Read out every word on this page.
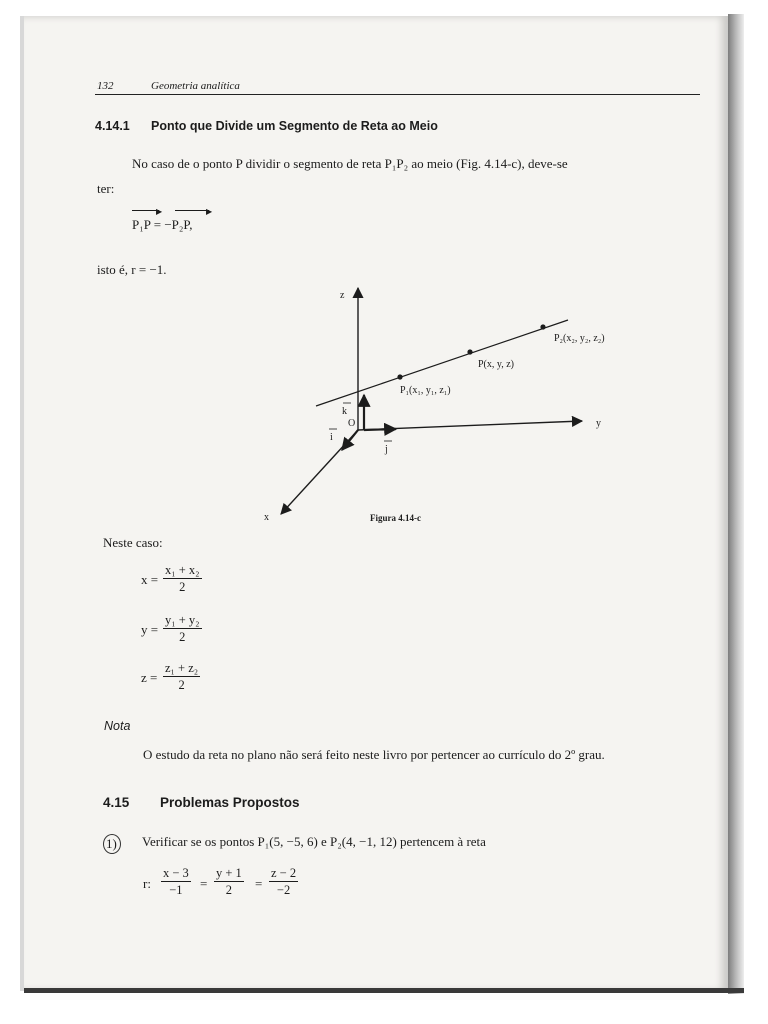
132	Geometria analítica
4.14.1 Ponto que Divide um Segmento de Reta ao Meio
No caso de o ponto P dividir o segmento de reta P₁P₂ ao meio (Fig. 4.14-c), deve-se
ter:
▶	▶
P₁P = −P₂P,
isto é, r = −1.
z
y
x
O
k
i
j
P₂(x₂, y₂, z₂)
P(x, y, z)
P₁(x₁, y₁, z₁)
Figura 4.14-c
Neste caso:
$x = \frac{\text{x₁ + x₂}}{2}$
$y = \frac{\text{y₁ + y₂}}{2}$
$z = \frac{\text{z₁ + z₂}}{2}$
Nota
O estudo da reta no plano não será feito neste livro por pertencer ao currículo do 2º grau.
4.15 Problemas Propostos
1) Verificar se os pontos P₁(5, −5, 6) e P₂(4, −1, 12) pertencem à reta
r: $\frac{x - 3}{-1} = \frac{y + 1}{2} = \frac{z - 2}{-2}$
